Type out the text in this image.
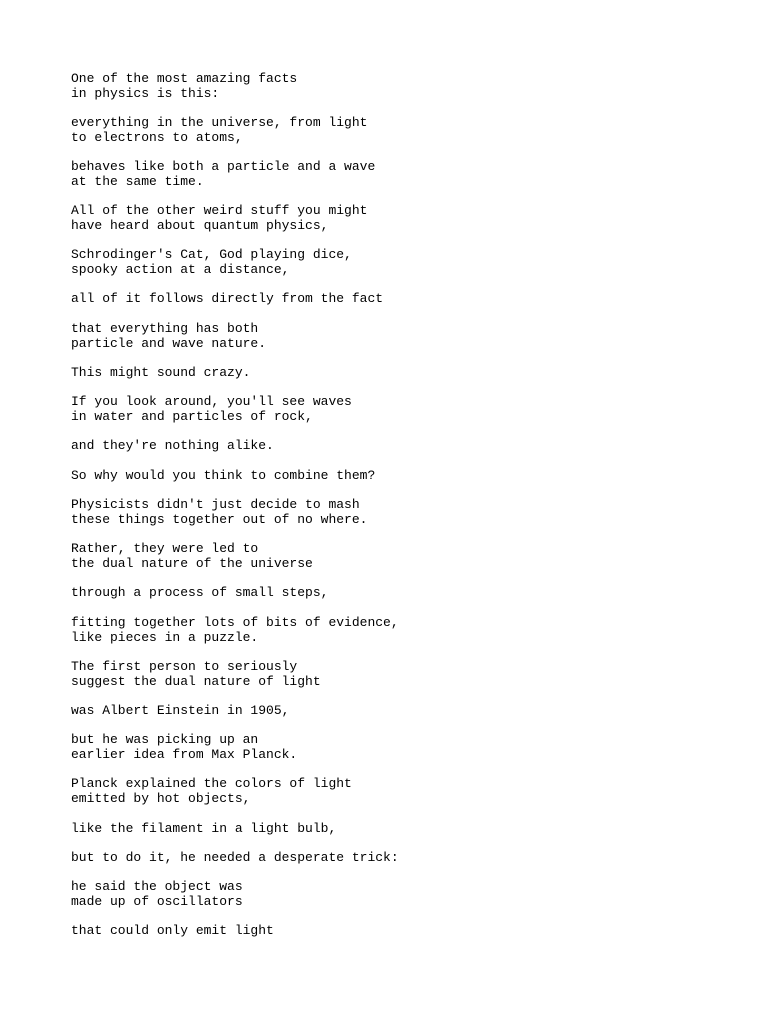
One of the most amazing facts
in physics is this:
everything in the universe, from light
to electrons to atoms,
behaves like both a particle and a wave
at the same time.
All of the other weird stuff you might
have heard about quantum physics,
Schrodinger's Cat, God playing dice,
spooky action at a distance,
all of it follows directly from the fact
that everything has both
particle and wave nature.
This might sound crazy.
If you look around, you'll see waves
in water and particles of rock,
and they're nothing alike.
So why would you think to combine them?
Physicists didn't just decide to mash
these things together out of no where.
Rather, they were led to
the dual nature of the universe
through a process of small steps,
fitting together lots of bits of evidence,
like pieces in a puzzle.
The first person to seriously
suggest the dual nature of light
was Albert Einstein in 1905,
but he was picking up an
earlier idea from Max Planck.
Planck explained the colors of light
emitted by hot objects,
like the filament in a light bulb,
but to do it, he needed a desperate trick:
he said the object was
made up of oscillators
that could only emit light
